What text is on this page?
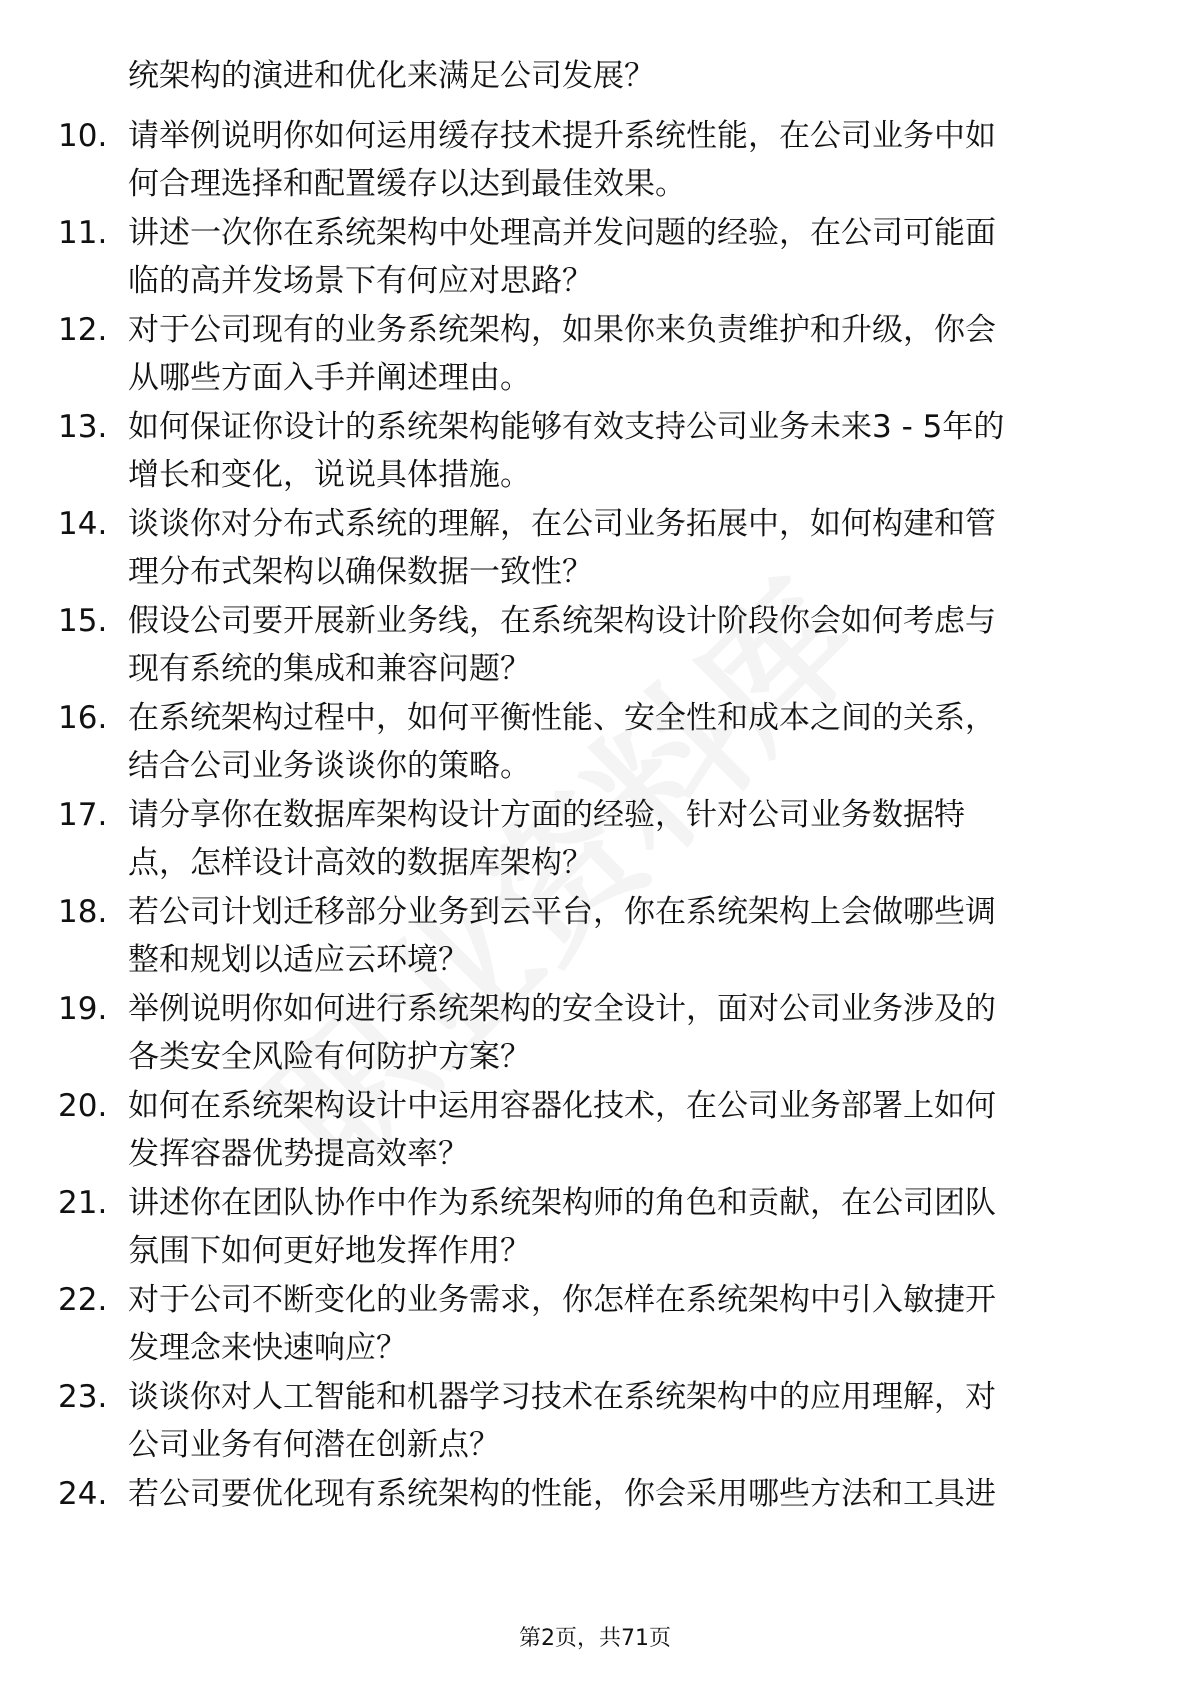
统架构的演进和优化来满足公司发展？
10. 请举例说明你如何运用缓存技术提升系统性能，在公司业务中如
何合理选择和配置缓存以达到最佳效果。
11. 讲述一次你在系统架构中处理高并发问题的经验，在公司可能面
临的高并发场景下有何应对思路？
12. 对于公司现有的业务系统架构，如果你来负责维护和升级，你会
从哪些方面入手并阐述理由。
13. 如何保证你设计的系统架构能够有效支持公司业务未来3 - 5年的
增长和变化，说说具体措施。
14. 谈谈你对分布式系统的理解，在公司业务拓展中，如何构建和管
理分布式架构以确保数据一致性？
15. 假设公司要开展新业务线，在系统架构设计阶段你会如何考虑与
现有系统的集成和兼容问题？
16. 在系统架构过程中，如何平衡性能、安全性和成本之间的关系，
结合公司业务谈谈你的策略。
17. 请分享你在数据库架构设计方面的经验，针对公司业务数据特
点，怎样设计高效的数据库架构？
18. 若公司计划迁移部分业务到云平台，你在系统架构上会做哪些调
整和规划以适应云环境？
19. 举例说明你如何进行系统架构的安全设计，面对公司业务涉及的
各类安全风险有何防护方案？
20. 如何在系统架构设计中运用容器化技术，在公司业务部署上如何
发挥容器优势提高效率？
21. 讲述你在团队协作中作为系统架构师的角色和贡献，在公司团队
氛围下如何更好地发挥作用？
22. 对于公司不断变化的业务需求，你怎样在系统架构中引入敏捷开
发理念来快速响应？
23. 谈谈你对人工智能和机器学习技术在系统架构中的应用理解，对
公司业务有何潜在创新点？
24. 若公司要优化现有系统架构的性能，你会采用哪些方法和工具进
第2页，共71页
